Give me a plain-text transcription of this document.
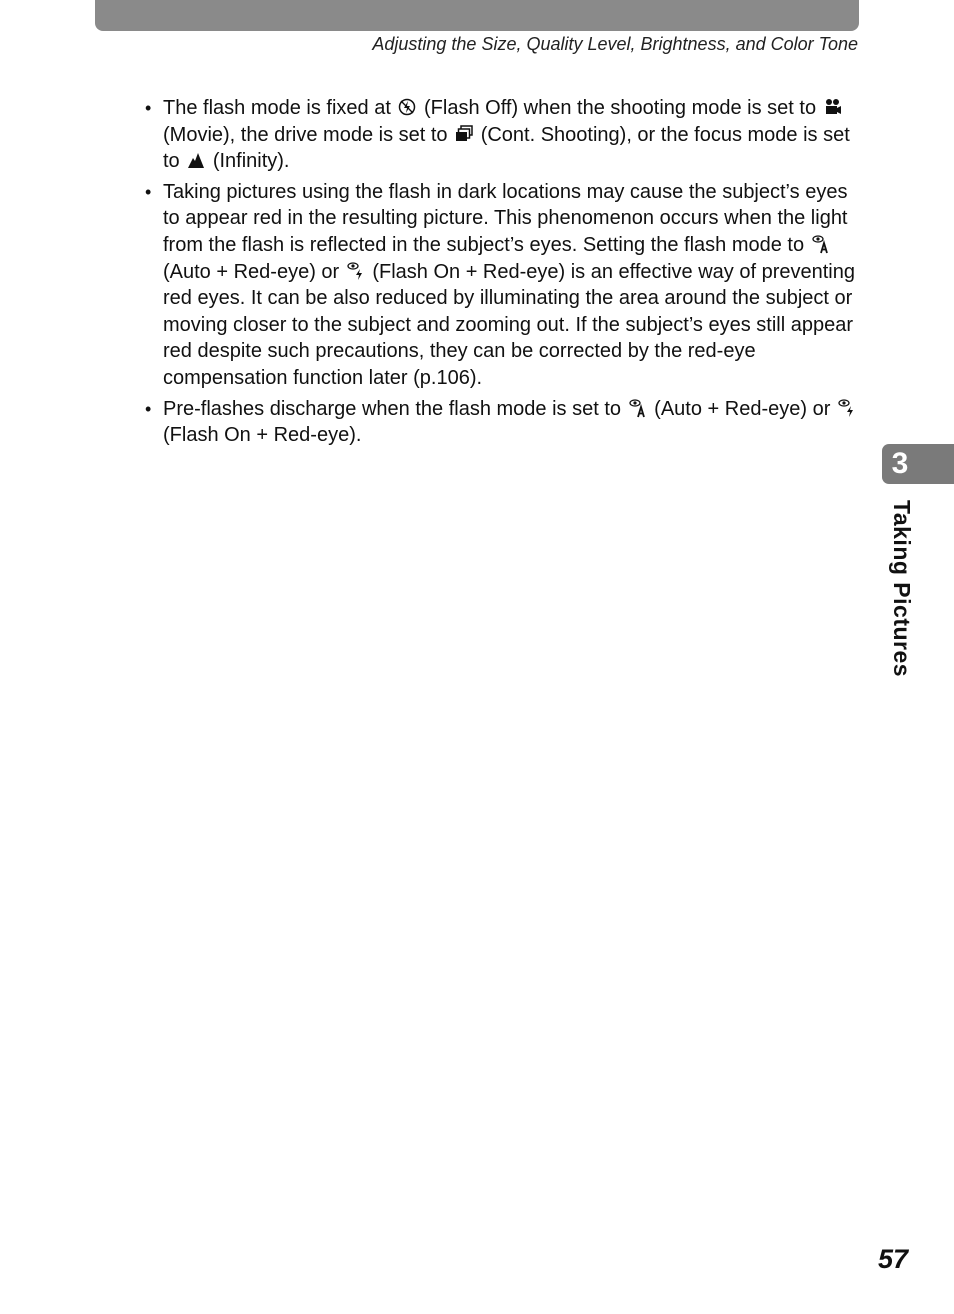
Adjusting the Size, Quality Level, Brightness, and Color Tone
• The flash mode is fixed at (Flash Off) when the shooting mode is set to
(Movie), the drive mode is set to (Cont. Shooting), or the focus mode is set to (Infinity).
• Taking pictures using the flash in dark locations may cause the subject’s eyes to appear red in the resulting picture. This phenomenon occurs when the light from the flash is reflected in the subject’s eyes. Setting the flash mode to
(Auto + Red-eye) or (Flash On + Red-eye) is an effective way of preventing red eyes. It can be also reduced by illuminating the area around the subject or moving closer to the subject and zooming out. If the subject’s eyes still appear red despite such precautions, they can be corrected by the red-eye compensation function later (p.106).
• Pre-flashes discharge when the flash mode is set to (Auto + Red-eye) or
(Flash On + Red-eye).
3
Taking Pictures
57
